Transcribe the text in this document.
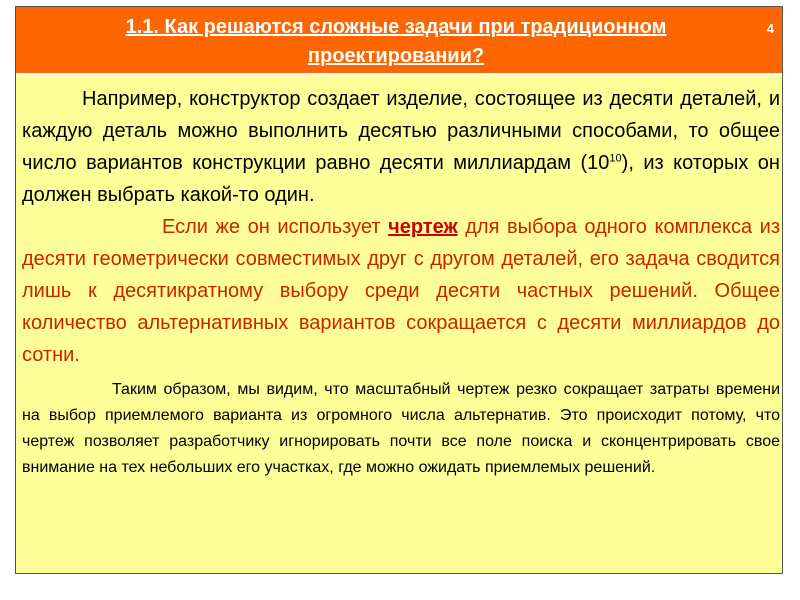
1.1. Как решаются сложные задачи при традиционном проектировании?
4

Например, конструктор создает изделие, состоящее из десяти деталей, и каждую деталь можно выполнить десятью различными способами, то общее число вариантов конструкции равно десяти миллиардам $(10^{10})$, из которых он должен выбрать какой-то один.

Если же он использует чертеж для выбора одного комплекса из десяти геометрически совместимых друг с другом деталей, его задача сводится лишь к десятикратному выбору среди десяти частных решений. Общее количество альтернативных вариантов сокращается с десяти миллиардов до сотни.

Таким образом, мы видим, что масштабный чертеж резко сокращает затраты времени на выбор приемлемого варианта из огромного числа альтернатив. Это происходит потому, что чертеж позволяет разработчику игнорировать почти все поле поиска и сконцентрировать свое внимание на тех небольших его участках, где можно ожидать приемлемых решений.
